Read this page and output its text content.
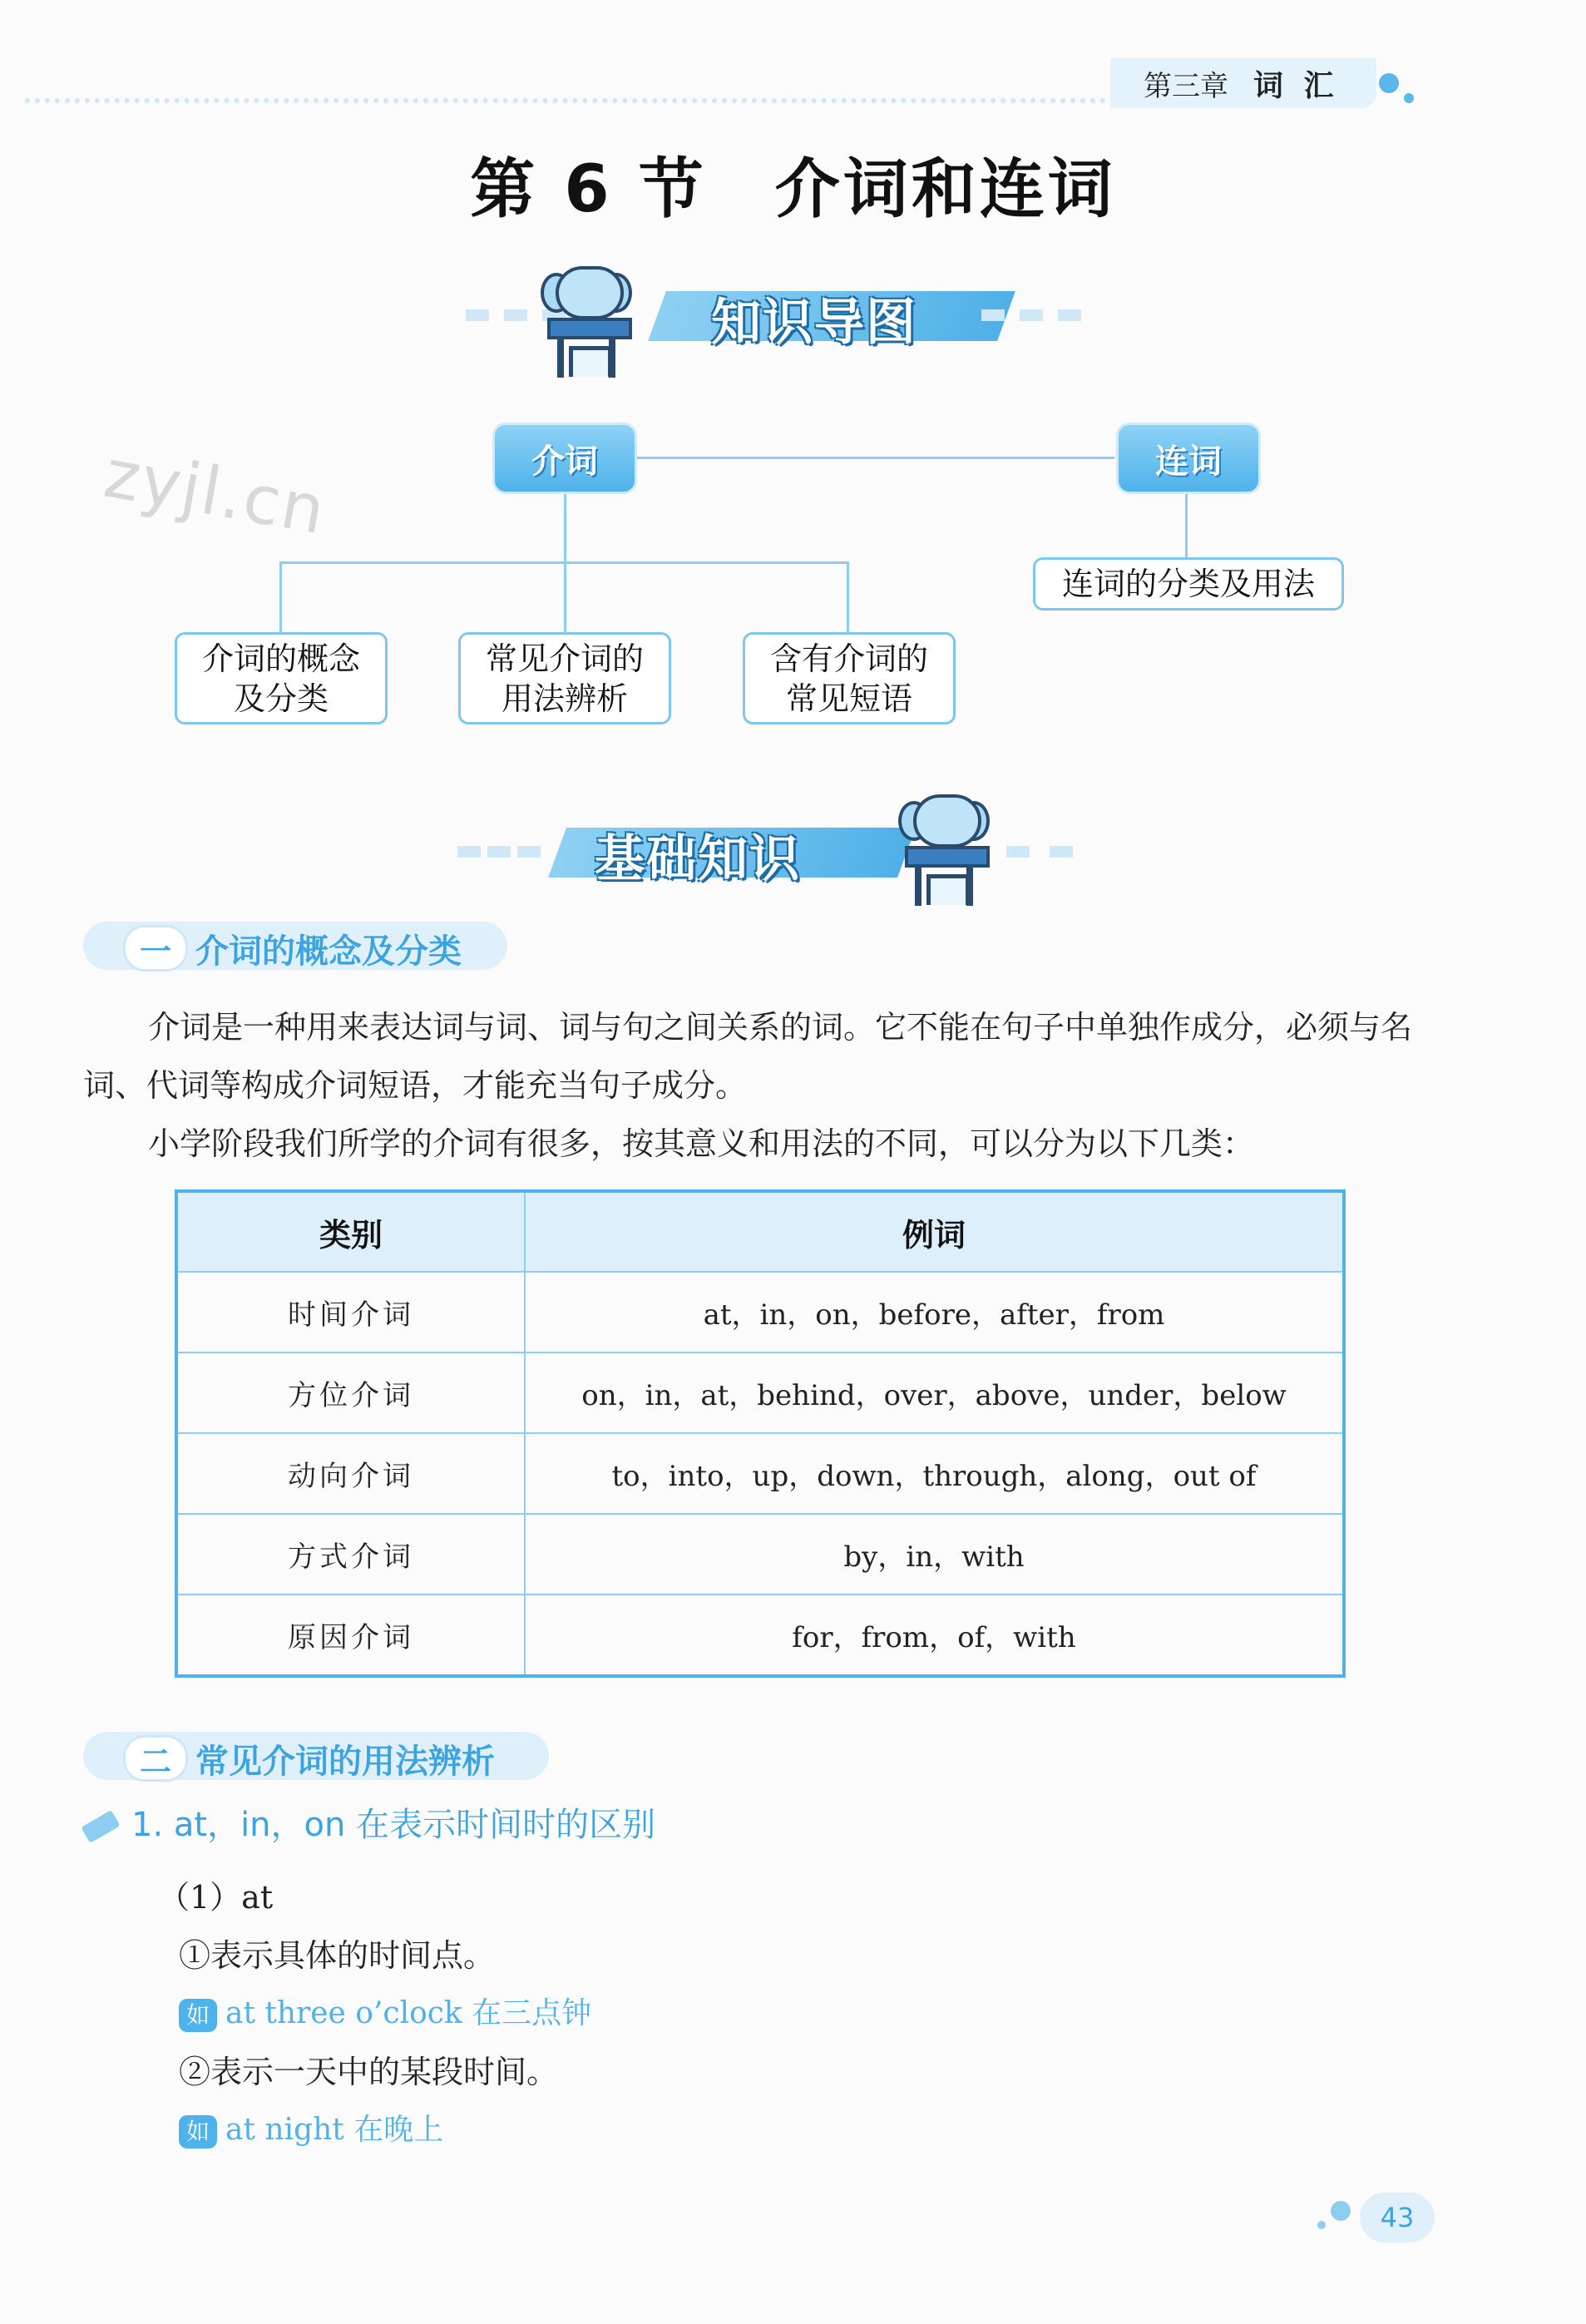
第三章 词 汇
第 6 节　介词和连词
知识导图
zyjl.cn	介词	连词
介词的概念
及分类
常见介词的
用法辨析
含有介词的
常见短语
连词的分类及用法
基础知识
一 介词的概念及分类
介词是一种用来表达词与词、词与句之间关系的词。它不能在句子中单独作成分，必须与名词、代词等构成介词短语，才能充当句子成分。
小学阶段我们所学的介词有很多，按其意义和用法的不同，可以分为以下几类：
类别	例词
时间介词	at，in，on，before，after，from
方位介词	on，in，at，behind，over，above，under，below
动向介词	to，into，up，down，through，along，out of
方式介词	by，in，with
原因介词	for，from，of，with
二 常见介词的用法辨析
1. at，in，on 在表示时间时的区别
（1）at
①表示具体的时间点。
如 at three o’clock 在三点钟
②表示一天中的某段时间。
如 at night 在晚上
43
